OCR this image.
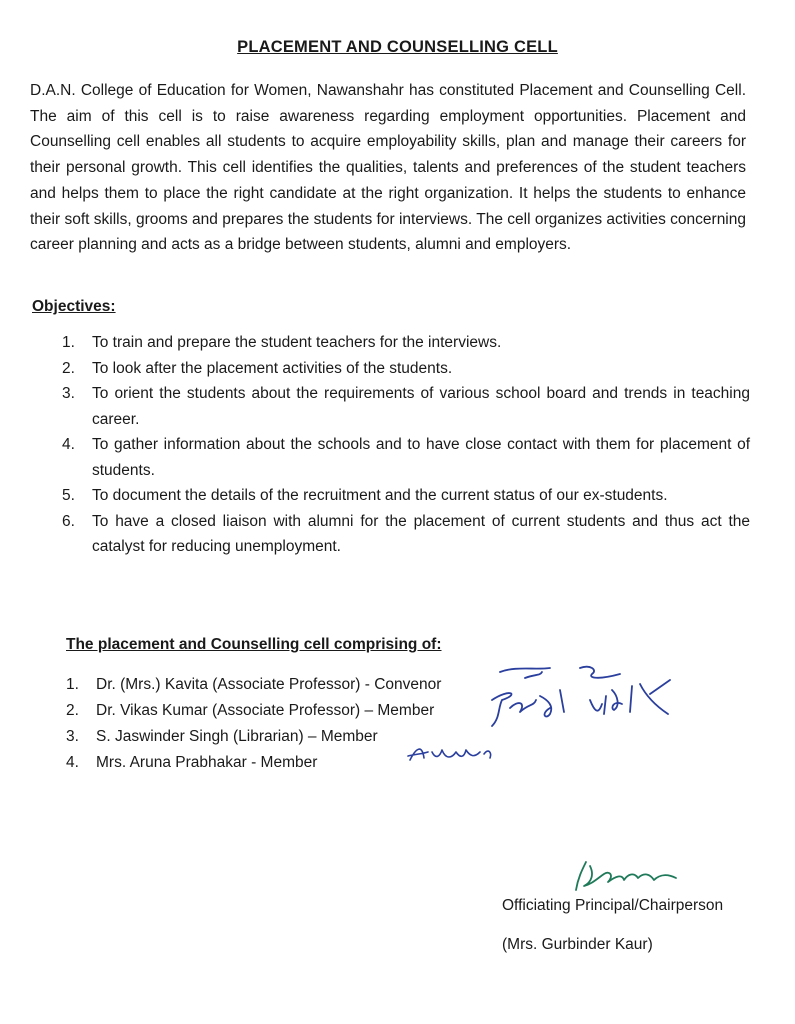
PLACEMENT AND COUNSELLING CELL

D.A.N. College of Education for Women, Nawanshahr has constituted Placement and Counselling Cell. The aim of this cell is to raise awareness regarding employment opportunities. Placement and Counselling cell enables all students to acquire employability skills, plan and manage their careers for their personal growth. This cell identifies the qualities, talents and preferences of the student teachers and helps them to place the right candidate at the right organization. It helps the students to enhance their soft skills, grooms and prepares the students for interviews. The cell organizes activities concerning career planning and acts as a bridge between students, alumni and employers.

Objectives:
1. To train and prepare the student teachers for the interviews.
2. To look after the placement activities of the students.
3. To orient the students about the requirements of various school board and trends in teaching career.
4. To gather information about the schools and to have close contact with them for placement of students.
5. To document the details of the recruitment and the current status of our ex-students.
6. To have a closed liaison with alumni for the placement of current students and thus act the catalyst for reducing unemployment.
The placement and Counselling cell comprising of:
1. Dr. (Mrs.) Kavita (Associate Professor) - Convenor
2. Dr. Vikas Kumar (Associate Professor) – Member
3. S. Jaswinder Singh (Librarian) – Member
4. Mrs. Aruna Prabhakar - Member
Officiating Principal/Chairperson
(Mrs. Gurbinder Kaur)
